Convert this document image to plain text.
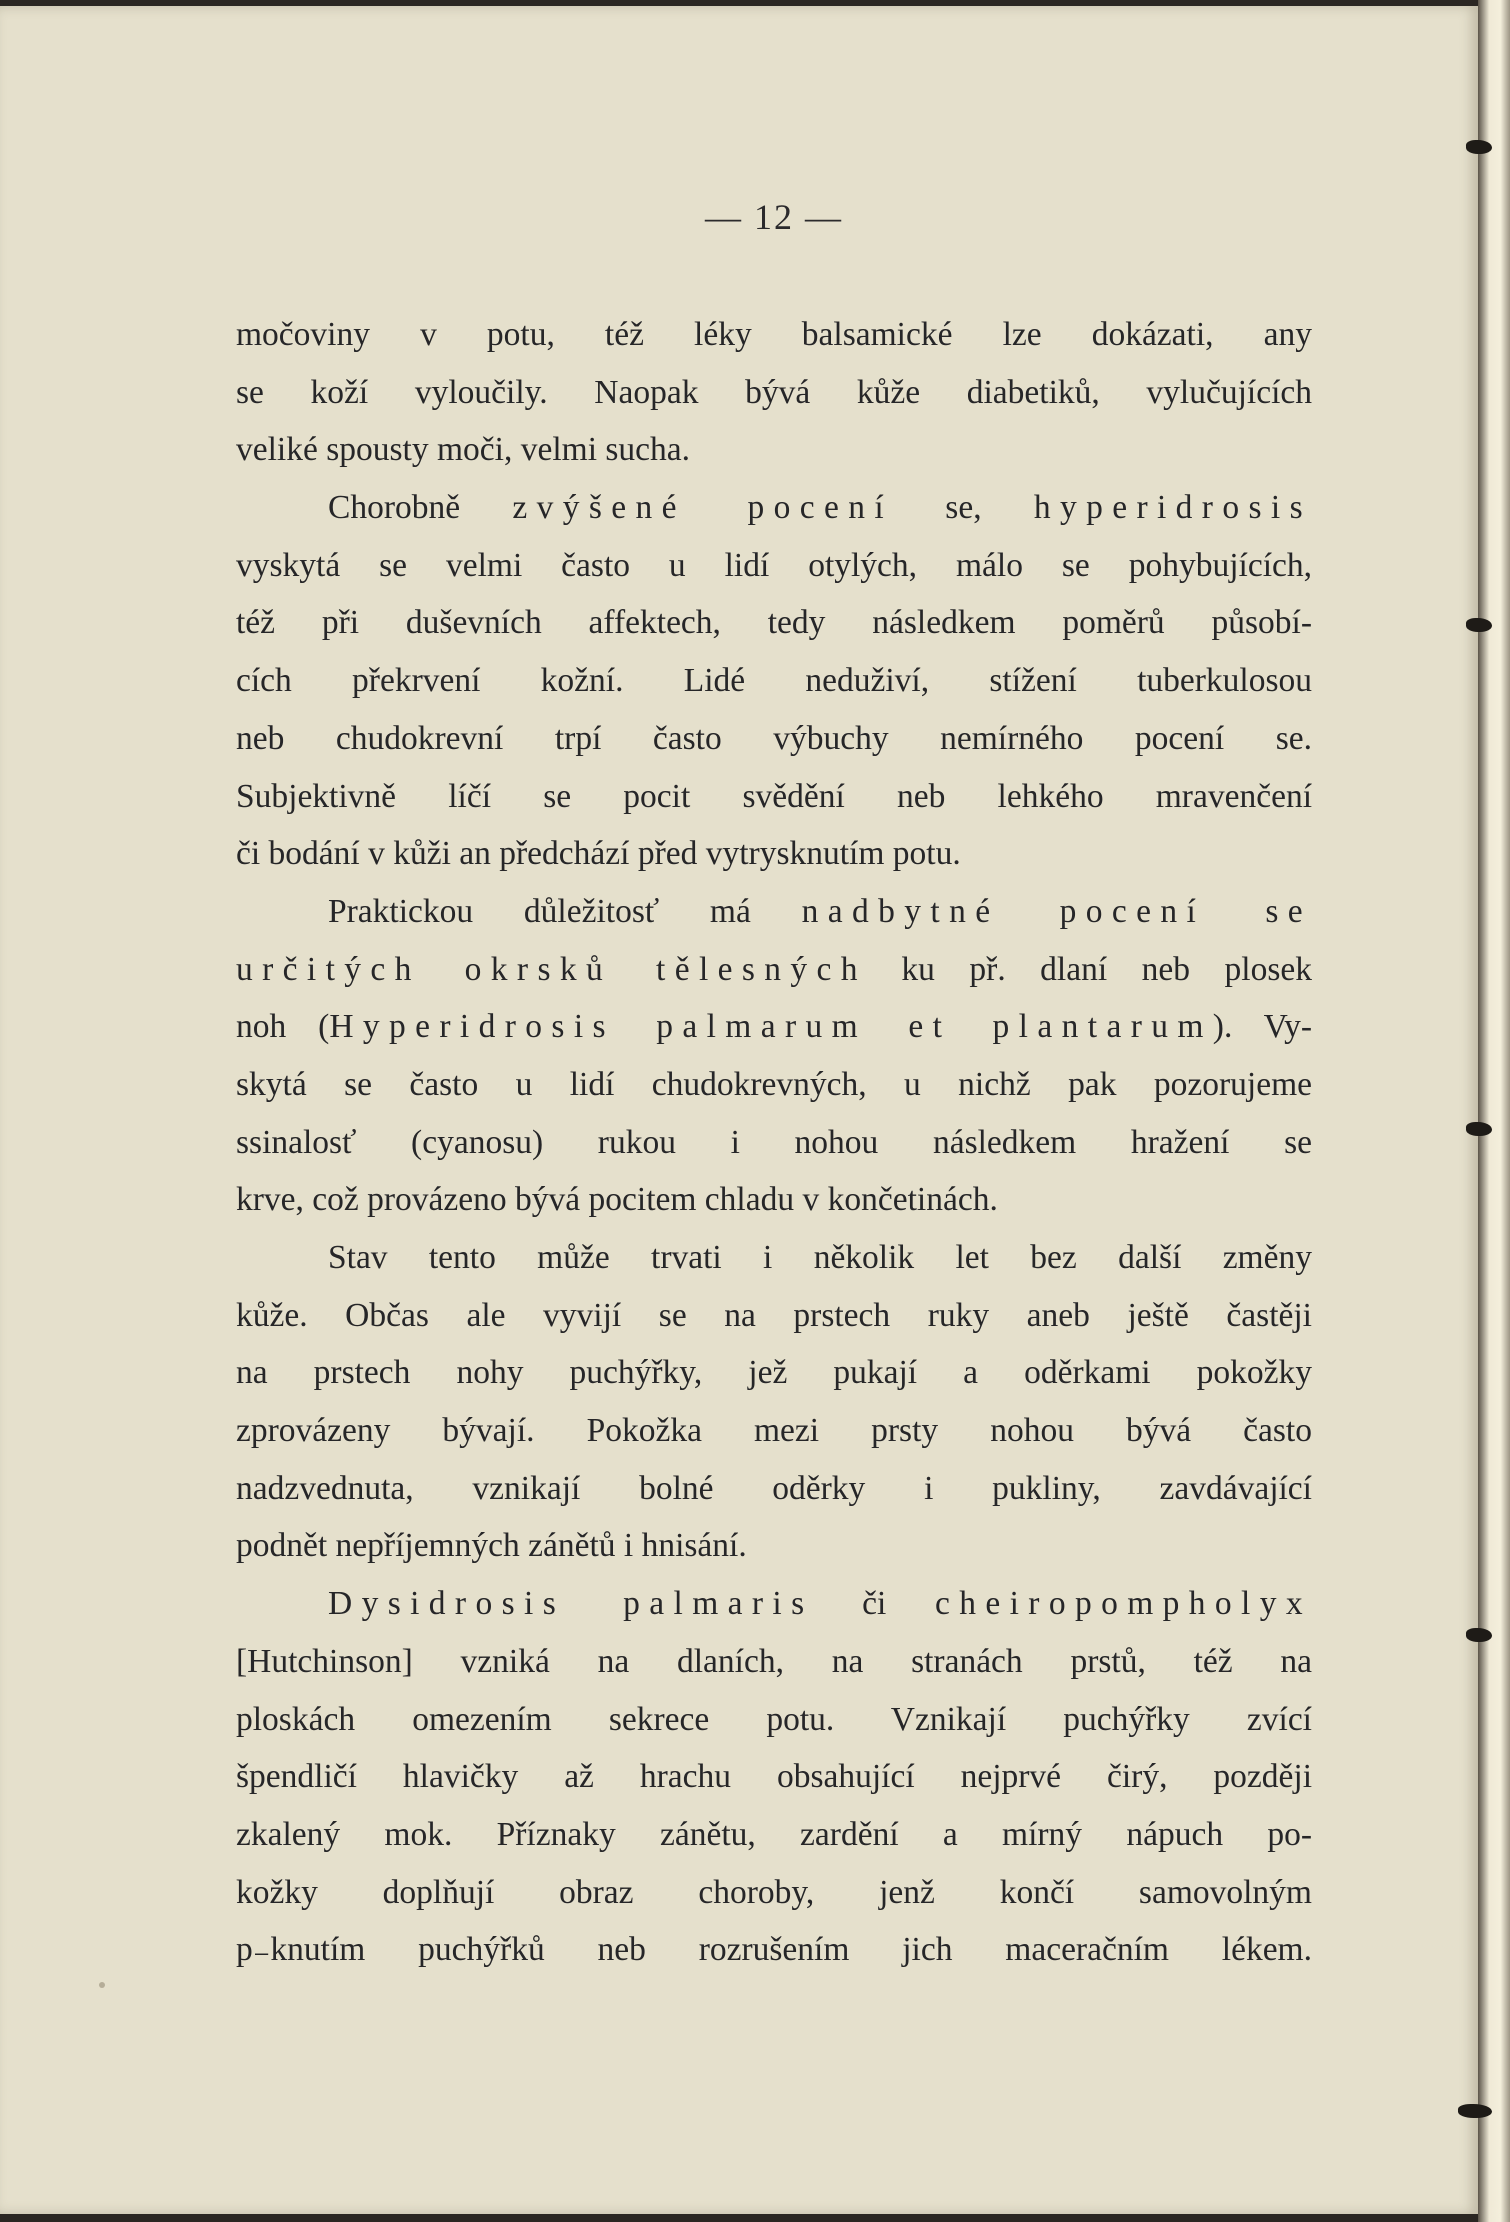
— 12 —
močoviny v potu, též léky balsamické lze dokázati, any
se koží vyloučily. Naopak bývá kůže diabetiků, vylučujících
veliké spousty moči, velmi sucha.
Chorobně zvýšené pocení se, hyperidrosis
vyskytá se velmi často u lidí otylých, málo se pohybujících,
též při duševních affektech, tedy následkem poměrů působí-
cích překrvení kožní. Lidé neduživí, stížení tuberkulosou
neb chudokrevní trpí často výbuchy nemírného pocení se.
Subjektivně líčí se pocit svědění neb lehkého mravenčení
či bodání v kůži an předchází před vytrysknutím potu.
Praktickou důležitosť má nadbytné pocení se
určitých okrsků tělesných ku př. dlaní neb plosek
noh (Hyperidrosis palmarum et plantarum). Vy-
skytá se často u lidí chudokrevných, u nichž pak pozorujeme
ssinalosť (cyanosu) rukou i nohou následkem hražení se
krve, což provázeno bývá pocitem chladu v končetinách.
Stav tento může trvati i několik let bez další změny
kůže. Občas ale vyvijí se na prstech ruky aneb ještě častěji
na prstech nohy puchýřky, jež pukají a oděrkami pokožky
zprovázeny bývají. Pokožka mezi prsty nohou bývá často
nadzvednuta, vznikají bolné oděrky i pukliny, zavdávající
podnět nepříjemných zánětů i hnisání.
Dysidrosis palmaris či cheiropompholyx
[Hutchinson] vzniká na dlaních, na stranách prstů, též na
ploskách omezením sekrece potu. Vznikají puchýřky zvící
špendličí hlavičky až hrachu obsahující nejprvé čirý, později
zkalený mok. Příznaky zánětu, zardění a mírný nápuch po-
kožky doplňují obraz choroby, jenž končí samovolným
p₋knutím puchýřků neb rozrušením jich maceračním lékem.
